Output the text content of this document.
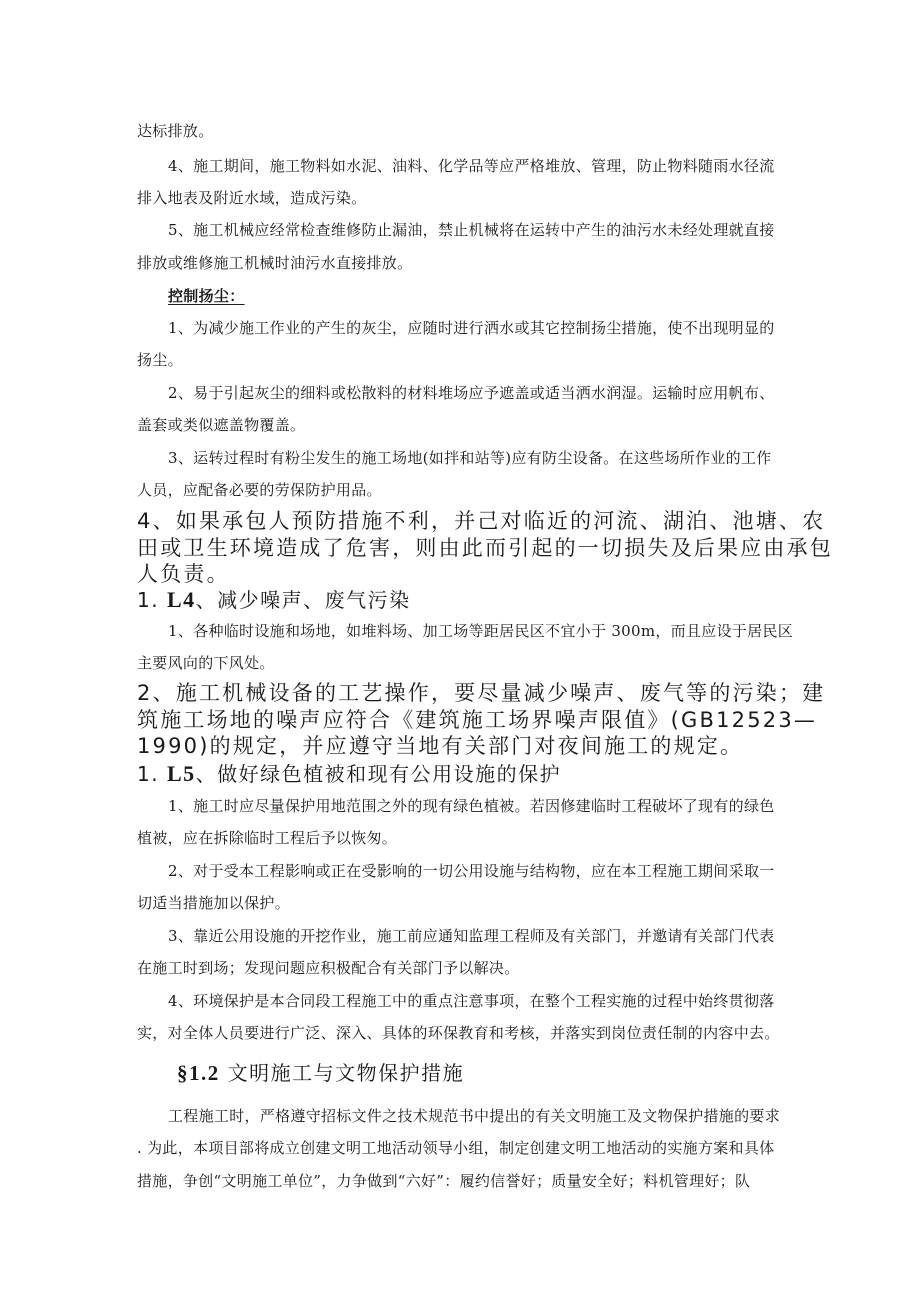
达标排放。
4、施工期间，施工物料如水泥、油料、化学品等应严格堆放、管理，防止物料随雨水径流
排入地表及附近水域，造成污染。
5、施工机械应经常检查维修防止漏油，禁止机械将在运转中产生的油污水未经处理就直接
排放或维修施工机械时油污水直接排放。
控制扬尘：
1、为减少施工作业的产生的灰尘，应随时进行洒水或其它控制扬尘措施，使不出现明显的
扬尘。
2、易于引起灰尘的细料或松散料的材料堆场应予遮盖或适当洒水润湿。运输时应用帆布、
盖套或类似遮盖物覆盖。
3、运转过程时有粉尘发生的施工场地(如拌和站等)应有防尘设备。在这些场所作业的工作
人员，应配备必要的劳保防护用品。
4、如果承包人预防措施不利，并己对临近的河流、湖泊、池塘、农
田或卫生环境造成了危害，则由此而引起的一切损失及后果应由承包
人负责。
1. L4、减少噪声、废气污染
1、各种临时设施和场地，如堆料场、加工场等距居民区不宜小于 300m，而且应设于居民区
主要风向的下风处。
2、施工机械设备的工艺操作，要尽量减少噪声、废气等的污染；建
筑施工场地的噪声应符合《建筑施工场界噪声限值》(GB12523—
1990)的规定，并应遵守当地有关部门对夜间施工的规定。
1. L5、做好绿色植被和现有公用设施的保护
1、施工时应尽量保护用地范围之外的现有绿色植被。若因修建临时工程破坏了现有的绿色
植被，应在拆除临时工程后予以恢匆。
2、对于受本工程影响或正在受影响的一切公用设施与结构物，应在本工程施工期间采取一
切适当措施加以保护。
3、靠近公用设施的开挖作业，施工前应通知监理工程师及有关部门，并邀请有关部门代表
在施工时到场；发现问题应积极配合有关部门予以解决。
4、环境保护是本合同段工程施工中的重点注意事项，在整个工程实施的过程中始终贯彻落
实，对全体人员要进行广泛、深入、具体的环保教育和考核，并落实到岗位责任制的内容中去。
§1.2 文明施工与文物保护措施
工程施工时，严格遵守招标文件之技术规范书中提出的有关文明施工及文物保护措施的要求
. 为此，本项目部将成立创建文明工地活动领导小组，制定创建文明工地活动的实施方案和具体
措施，争创“文明施工单位”，力争做到“六好”：履约信誉好；质量安全好；料机管理好；队
